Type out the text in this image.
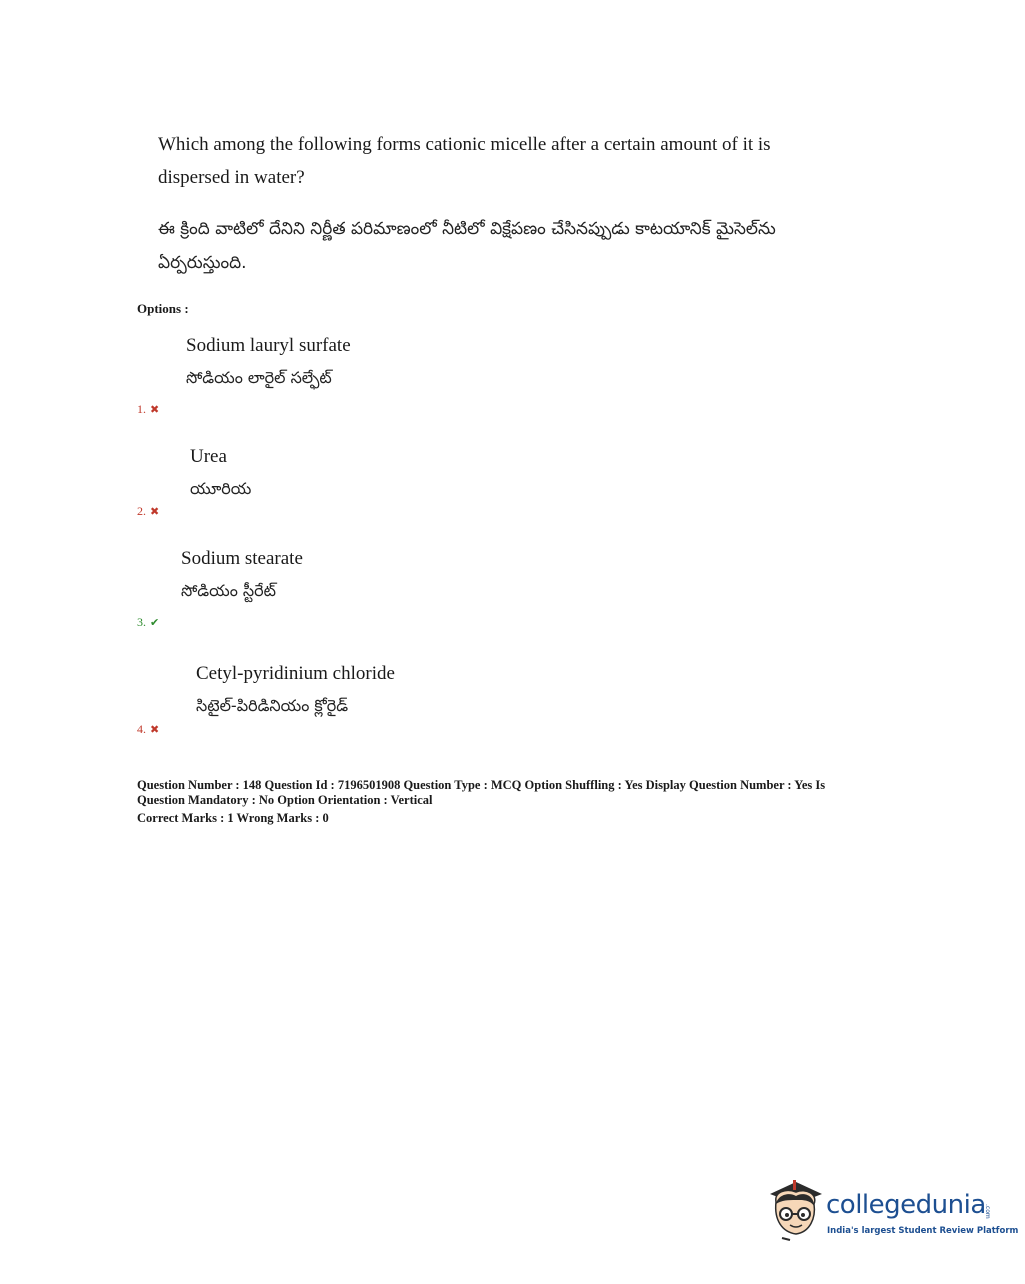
Which among the following forms cationic micelle after a certain amount of it is dispersed in water?

ఈ క్రింది వాటిలో దేనిని నిర్ణీత పరిమాణంలో నీటిలో విక్షేపణం చేసినప్పుడు కాటయానిక్ మైసెల్‌ను ఏర్పరుస్తుంది.

Options :
Sodium lauryl surfate
సోడియం లారైల్ సల్ఫేట్
1. ✖
Urea
యూరియ
2. ✖
Sodium stearate
సోడియం స్టీరేట్
3. ✔
Cetyl-pyridinium chloride
సిటైల్-పిరిడినియం క్లోరైడ్
4. ✖

Question Number : 148 Question Id : 7196501908 Question Type : MCQ Option Shuffling : Yes Display Question Number : Yes Is Question Mandatory : No Option Orientation : Vertical

Correct Marks : 1 Wrong Marks : 0

collegedunia
.com
India's largest Student Review Platform
